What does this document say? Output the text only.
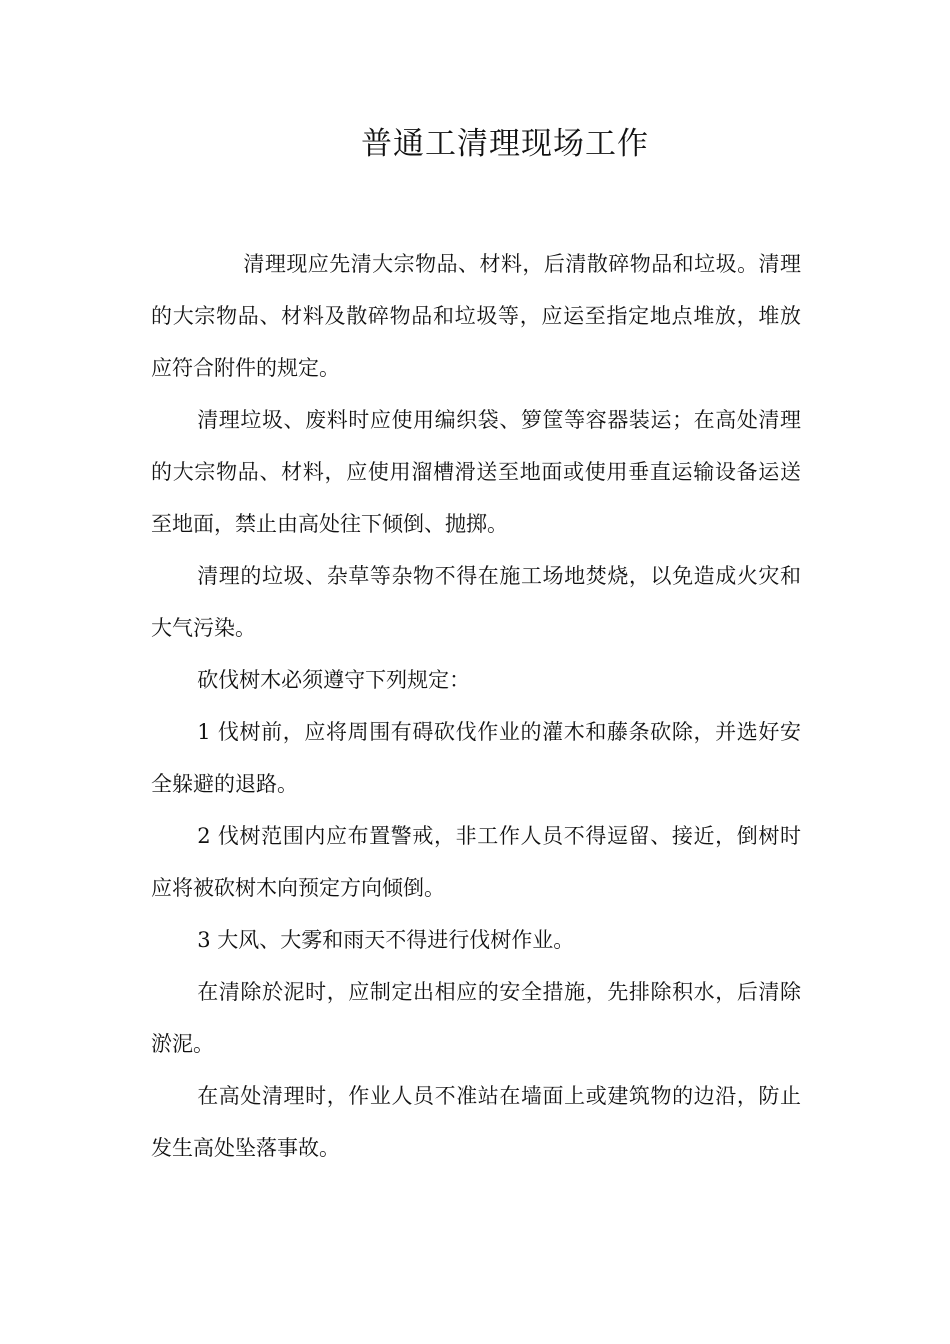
普通工清理现场工作

清理现应先清大宗物品、材料，后清散碎物品和垃圾。清理的大宗物品、材料及散碎物品和垃圾等，应运至指定地点堆放，堆放应符合附件的规定。

清理垃圾、废料时应使用编织袋、箩筐等容器装运；在高处清理的大宗物品、材料，应使用溜槽滑送至地面或使用垂直运输设备运送至地面，禁止由高处往下倾倒、抛掷。

清理的垃圾、杂草等杂物不得在施工场地焚烧，以免造成火灾和大气污染。

砍伐树木必须遵守下列规定：

1 伐树前，应将周围有碍砍伐作业的灌木和藤条砍除，并选好安全躲避的退路。

2 伐树范围内应布置警戒，非工作人员不得逗留、接近，倒树时应将被砍树木向预定方向倾倒。

3 大风、大雾和雨天不得进行伐树作业。

在清除於泥时，应制定出相应的安全措施，先排除积水，后清除淤泥。

在高处清理时，作业人员不准站在墙面上或建筑物的边沿，防止发生高处坠落事故。
